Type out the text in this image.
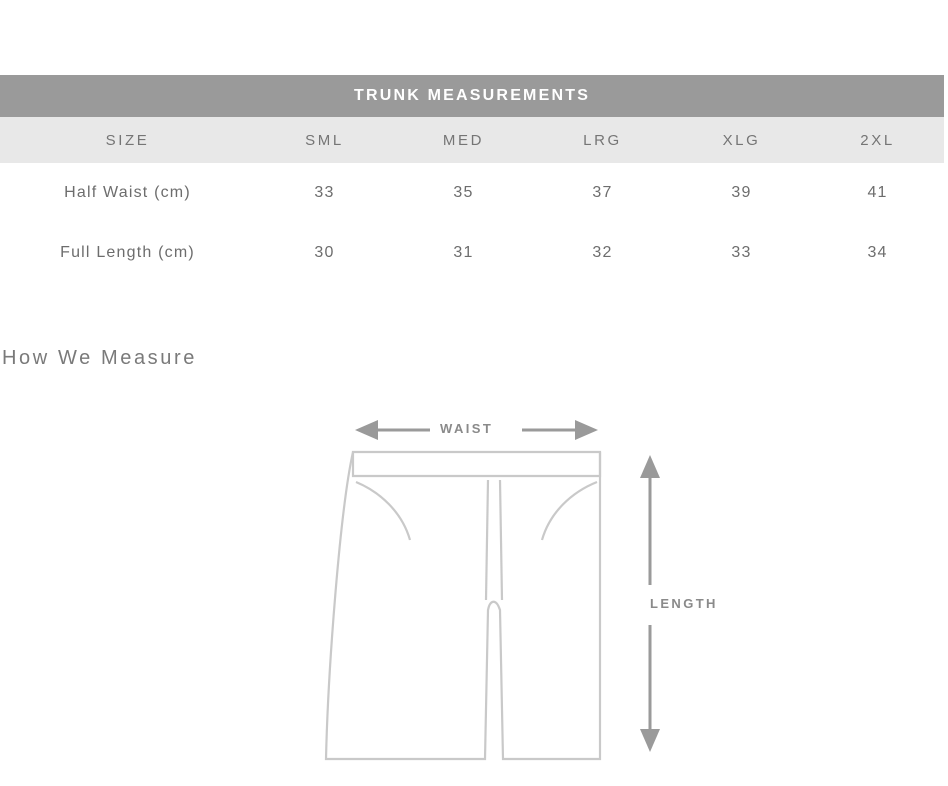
TRUNK MEASUREMENTS					
SIZE	SML	MED	LRG	XLG	2XL
Half Waist (cm)	33	35	37	39	41
Full Length (cm)	30	31	32	33	34
How We Measure
WAIST
LENGTH
